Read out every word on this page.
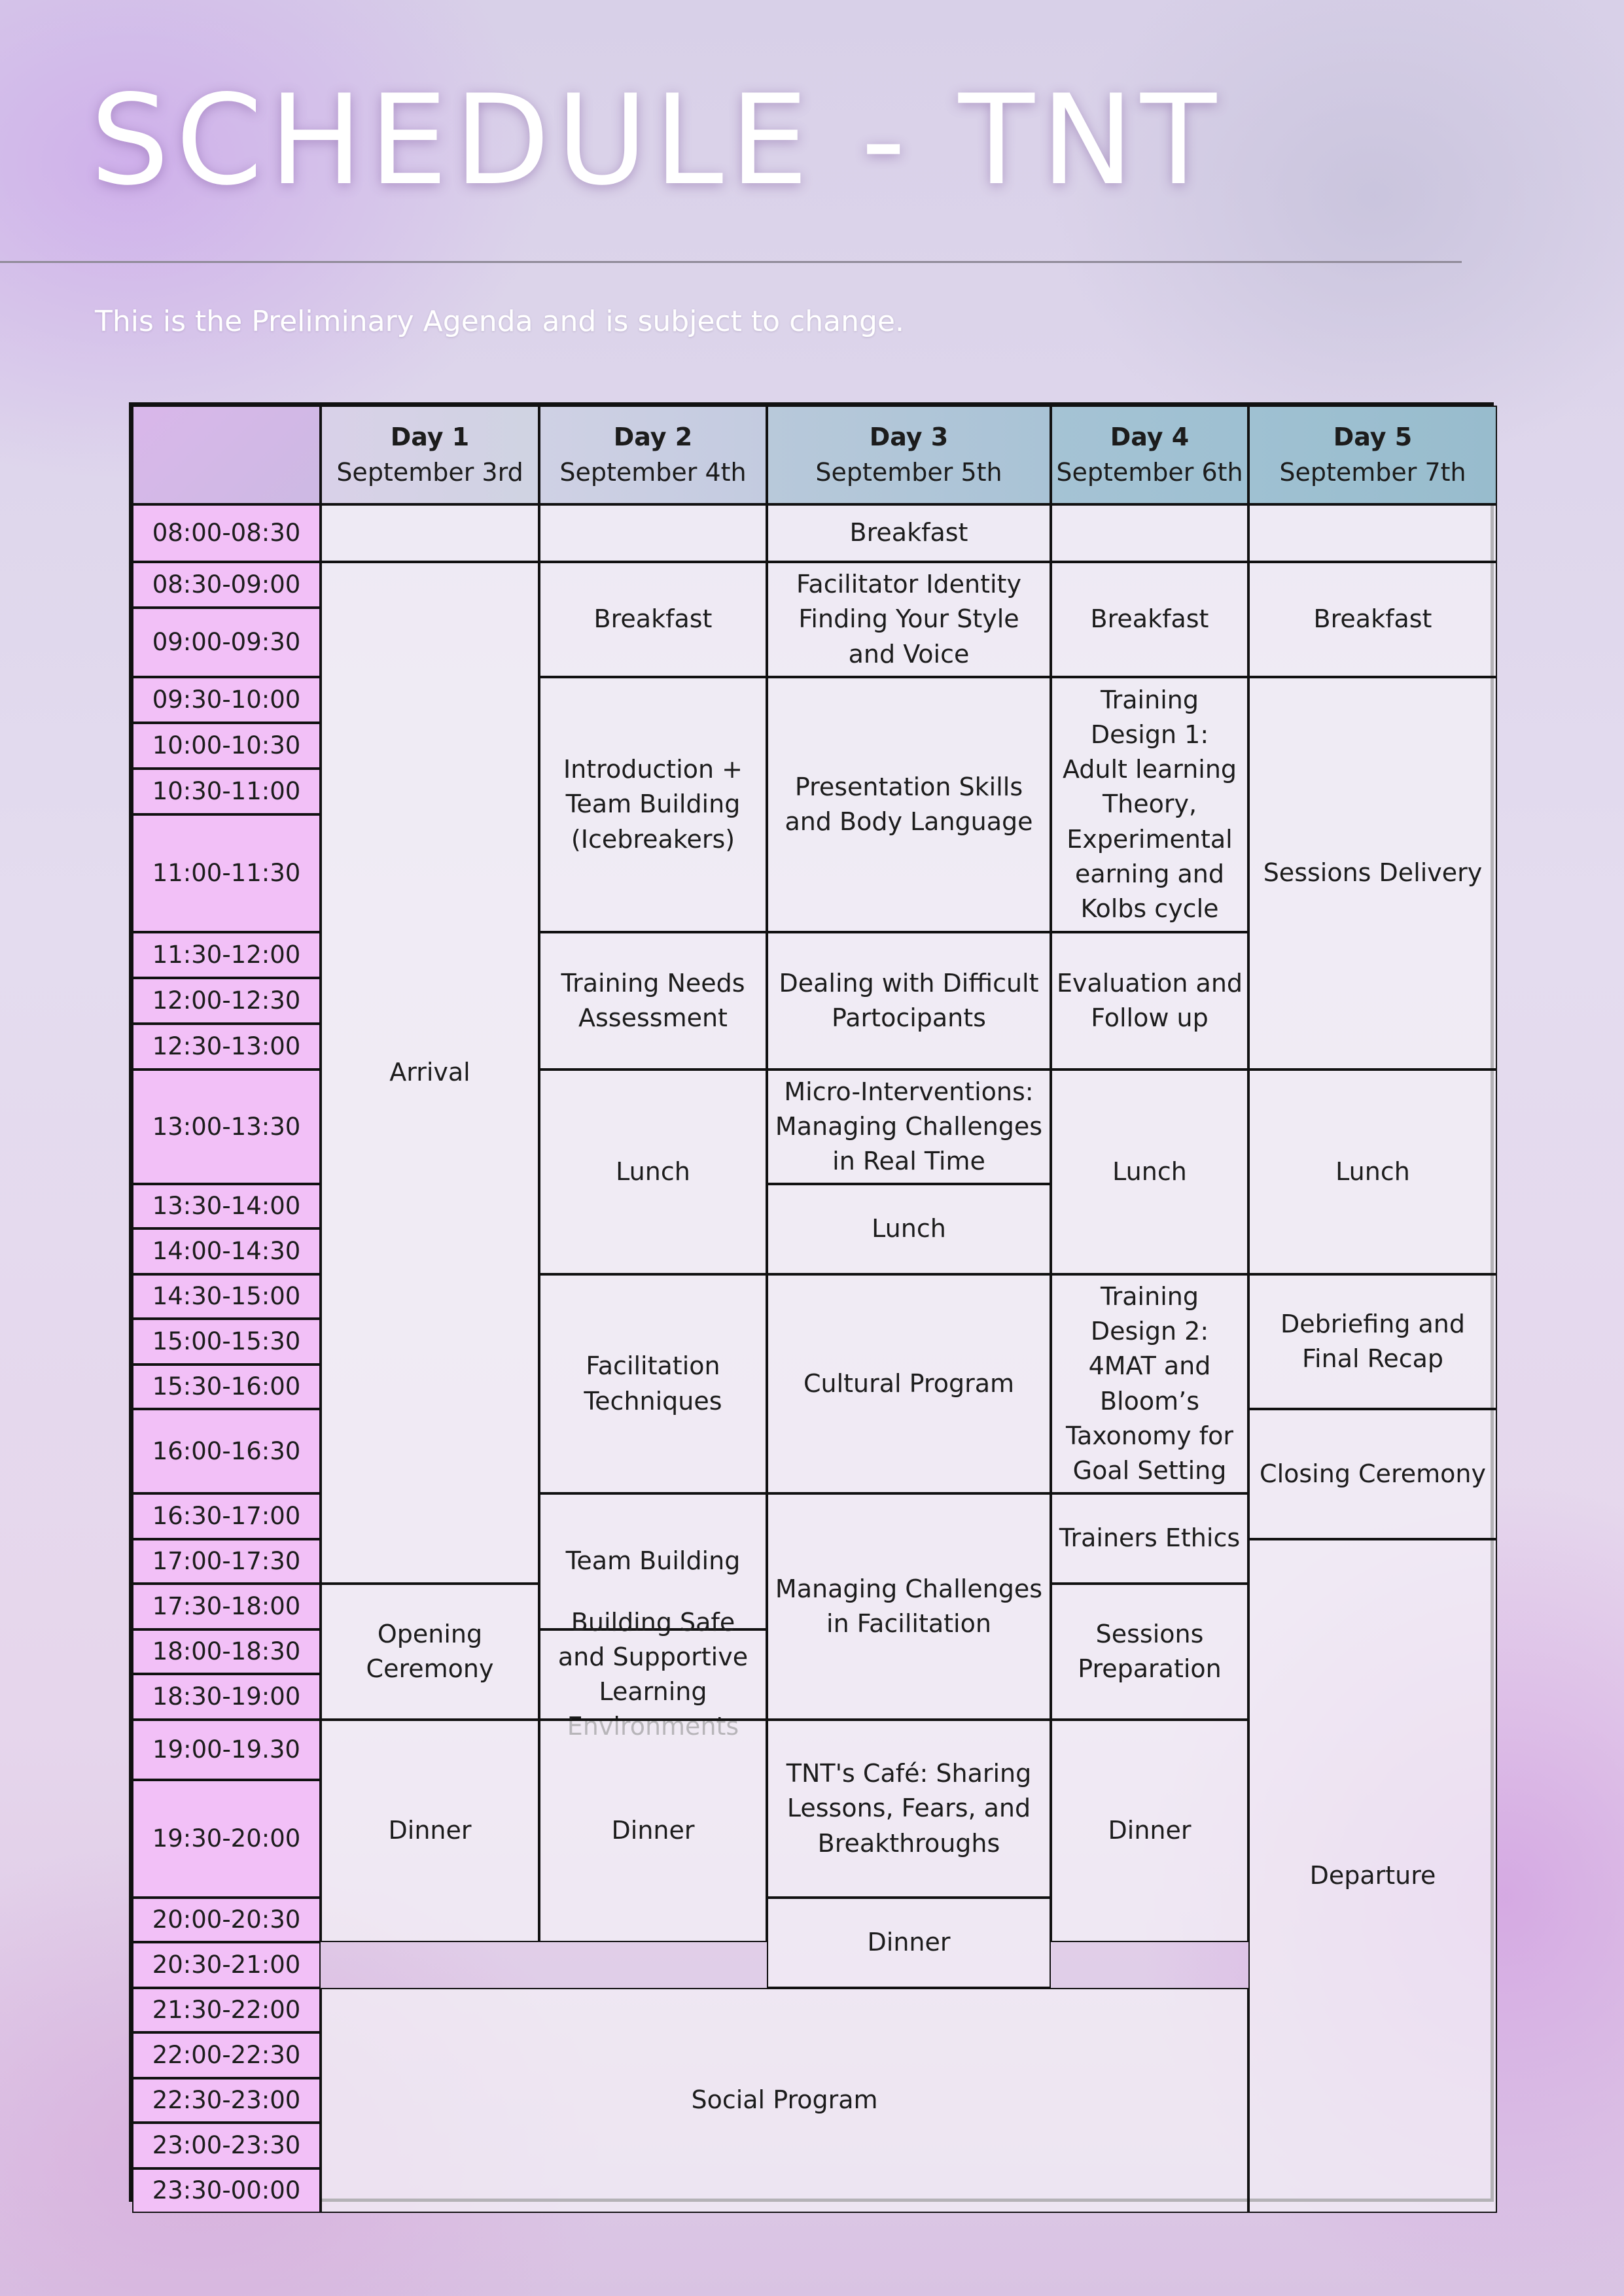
SCHEDULE - TNT
This is the Preliminary Agenda and is subject to change.
Day 1
September 3rd
Day 2
September 4th
Day 3
September 5th
Day 4
September 6th
Day 5
September 7th
08:00-08:30
08:30-09:00
09:00-09:30
09:30-10:00
10:00-10:30
10:30-11:00
11:00-11:30
11:30-12:00
12:00-12:30
12:30-13:00
13:00-13:30
13:30-14:00
14:00-14:30
14:30-15:00
15:00-15:30
15:30-16:00
16:00-16:30
16:30-17:00
17:00-17:30
17:30-18:00
18:00-18:30
18:30-19:00
19:00-19.30
19:30-20:00
20:00-20:30
20:30-21:00
21:30-22:00
22:00-22:30
22:30-23:00
23:00-23:30
23:30-00:00
Arrival
Opening Ceremony
Dinner
Breakfast
Introduction + Team Building (Icebreakers)
Training Needs Assessment
Lunch
Facilitation Techniques
Team Building
and Supportive Learning
Dinner
Breakfast
Facilitator Identity Finding Your Style and Voice
Presentation Skills and Body Language
Dealing with Difficult Partocipants
Micro-Interventions: Managing Challenges in Real Time
Lunch
Cultural Program
Managing Challenges in Facilitation
TNT's Café: Sharing Lessons, Fears, and Breakthroughs
Dinner
Breakfast
Training Design 1: Adult learning Theory, Experimental earning and Kolbs cycle
Evaluation and Follow up
Lunch
Training Design 2: 4MAT and Bloom’s Taxonomy for Goal Setting
Trainers Ethics
Sessions Preparation
Dinner
Breakfast
Sessions Delivery
Lunch
Debriefing and Final Recap
Closing Ceremony
Departure
Social Program
